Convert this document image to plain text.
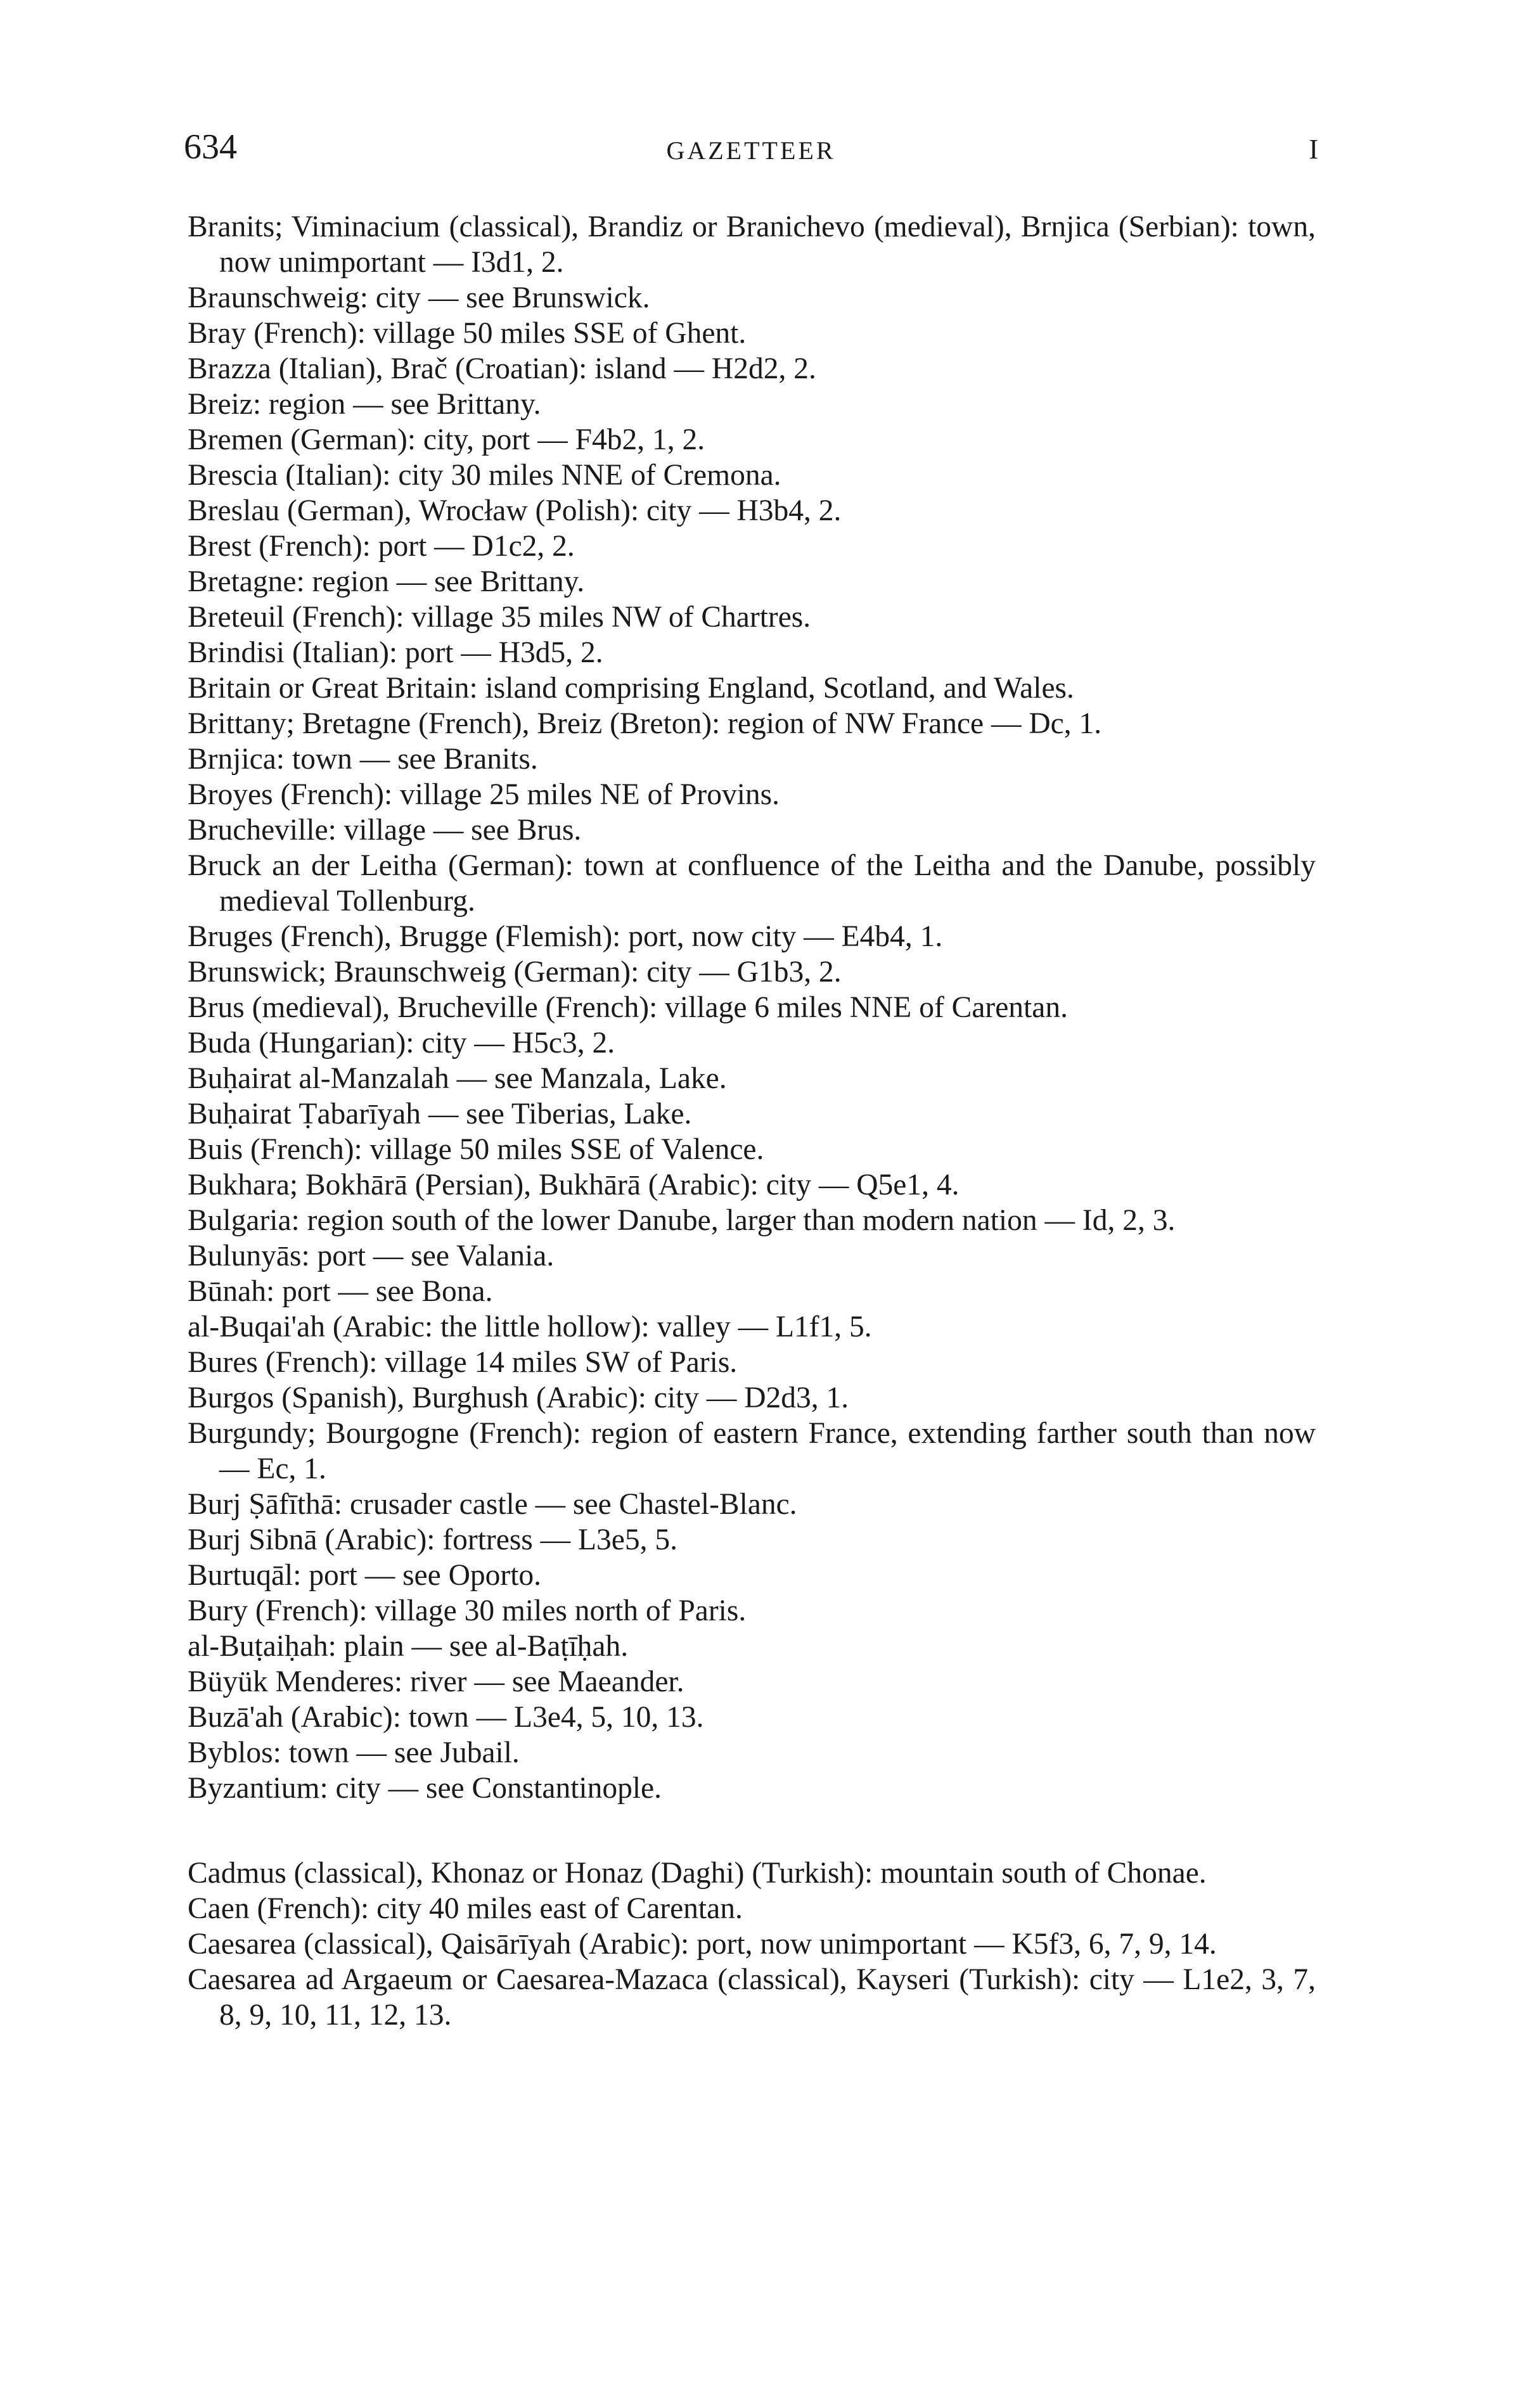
634	GAZETTEER	I

Branits; Viminacium (classical), Brandiz or Branichevo (medieval), Brnjica (Serbian): town, now unimportant — I3d1, 2.

Braunschweig: city — see Brunswick.

Bray (French): village 50 miles SSE of Ghent.

Brazza (Italian), Brač (Croatian): island — H2d2, 2.

Breiz: region — see Brittany.

Bremen (German): city, port — F4b2, 1, 2.

Brescia (Italian): city 30 miles NNE of Cremona.

Breslau (German), Wrocław (Polish): city — H3b4, 2.

Brest (French): port — D1c2, 2.

Bretagne: region — see Brittany.

Breteuil (French): village 35 miles NW of Chartres.

Brindisi (Italian): port — H3d5, 2.

Britain or Great Britain: island comprising England, Scotland, and Wales.

Brittany; Bretagne (French), Breiz (Breton): region of NW France — Dc, 1.

Brnjica: town — see Branits.

Broyes (French): village 25 miles NE of Provins.

Brucheville: village — see Brus.

Bruck an der Leitha (German): town at confluence of the Leitha and the Danube, possibly medieval Tollenburg.

Bruges (French), Brugge (Flemish): port, now city — E4b4, 1.

Brunswick; Braunschweig (German): city — G1b3, 2.

Brus (medieval), Brucheville (French): village 6 miles NNE of Carentan.

Buda (Hungarian): city — H5c3, 2.

Buḥairat al-Manzalah — see Manzala, Lake.

Buḥairat Ṭabarīyah — see Tiberias, Lake.

Buis (French): village 50 miles SSE of Valence.

Bukhara; Bokhārā (Persian), Bukhārā (Arabic): city — Q5e1, 4.

Bulgaria: region south of the lower Danube, larger than modern nation — Id, 2, 3.

Bulunyās: port — see Valania.

Būnah: port — see Bona.

al-Buqai'ah (Arabic: the little hollow): valley — L1f1, 5.

Bures (French): village 14 miles SW of Paris.

Burgos (Spanish), Burghush (Arabic): city — D2d3, 1.

Burgundy; Bourgogne (French): region of eastern France, extending farther south than now — Ec, 1.

Burj Ṣāfīthā: crusader castle — see Chastel-Blanc.

Burj Sibnā (Arabic): fortress — L3e5, 5.

Burtuqāl: port — see Oporto.

Bury (French): village 30 miles north of Paris.

al-Buṭaiḥah: plain — see al-Baṭīḥah.

Büyük Menderes: river — see Maeander.

Buzā'ah (Arabic): town — L3e4, 5, 10, 13.

Byblos: town — see Jubail.

Byzantium: city — see Constantinople.

Cadmus (classical), Khonaz or Honaz (Daghi) (Turkish): mountain south of Chonae.

Caen (French): city 40 miles east of Carentan.

Caesarea (classical), Qaisārīyah (Arabic): port, now unimportant — K5f3, 6, 7, 9, 14.

Caesarea ad Argaeum or Caesarea-Mazaca (classical), Kayseri (Turkish): city — L1e2, 3, 7, 8, 9, 10, 11, 12, 13.
